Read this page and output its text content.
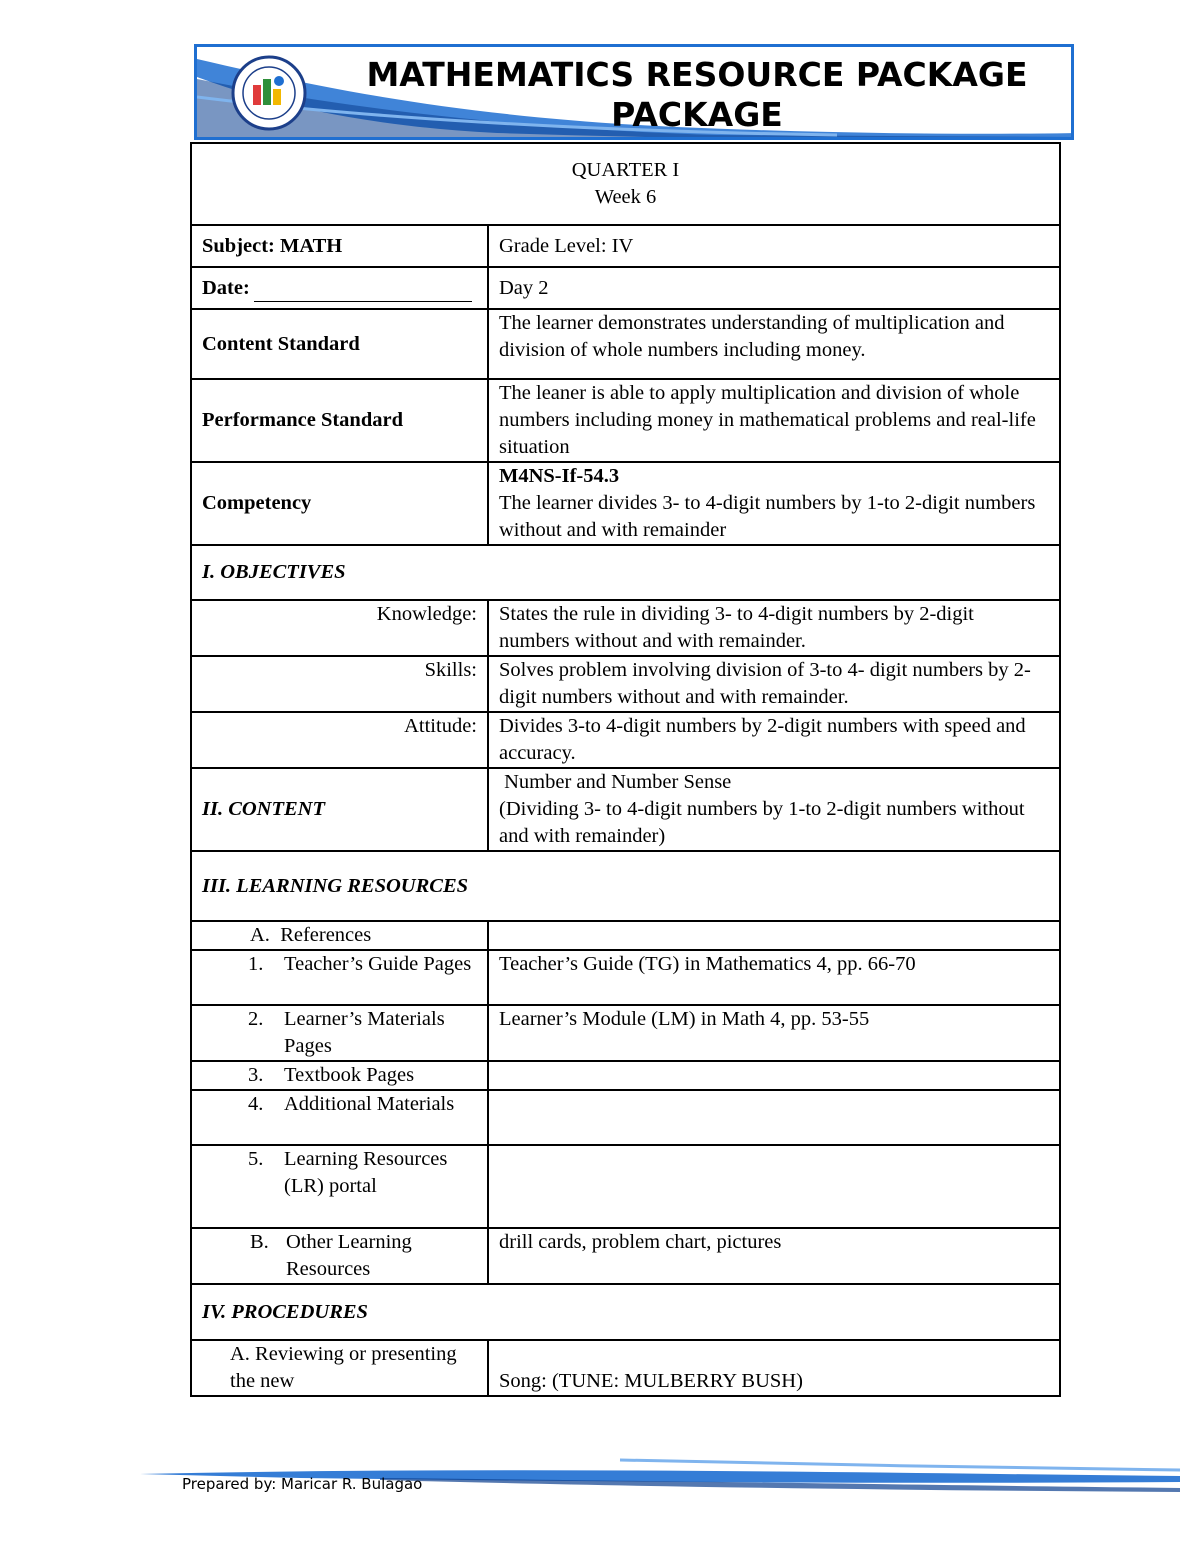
MATHEMATICS RESOURCE PACKAGE
PACKAGE
QUARTER I
Week 6	

Subject: MATH	Grade Level: IV
Date:	Day 2
Content Standard	The learner demonstrates understanding of multiplication and division of whole numbers including money.
Performance Standard	The leaner is able to apply multiplication and division of whole numbers including money in mathematical problems and real-life situation
Competency	M4NS-If-54.3
The learner divides 3- to 4-digit numbers by 1-to 2-digit numbers without and with remainder

I. OBJECTIVES	
Knowledge:	States the rule in dividing 3- to 4-digit numbers by 2-digit numbers without and with remainder.
Skills:	Solves problem involving division of 3-to 4- digit numbers by 2-digit numbers without and with remainder.
Attitude:	Divides 3-to 4-digit numbers by 2-digit numbers with speed and accuracy.
II. CONTENT	Number and Number Sense
(Dividing 3- to 4-digit numbers by 1-to 2-digit numbers without and with remainder)

III. LEARNING RESOURCES	
A. References	

1. Teacher’s Guide Pages	Teacher’s Guide (TG) in Mathematics 4, pp. 66-70

2. Learner’s Materials Pages	Learner’s Module (LM) in Math 4, pp. 53-55

3. Textbook Pages	

4. Additional Materials	

5. Learning Resources (LR) portal	

B. Other Learning Resources	drill cards, problem chart, pictures
IV. PROCEDURES	
A. Reviewing or presenting the new	Song: (TUNE: MULBERRY BUSH)
Prepared by: Maricar R. Bulagao
